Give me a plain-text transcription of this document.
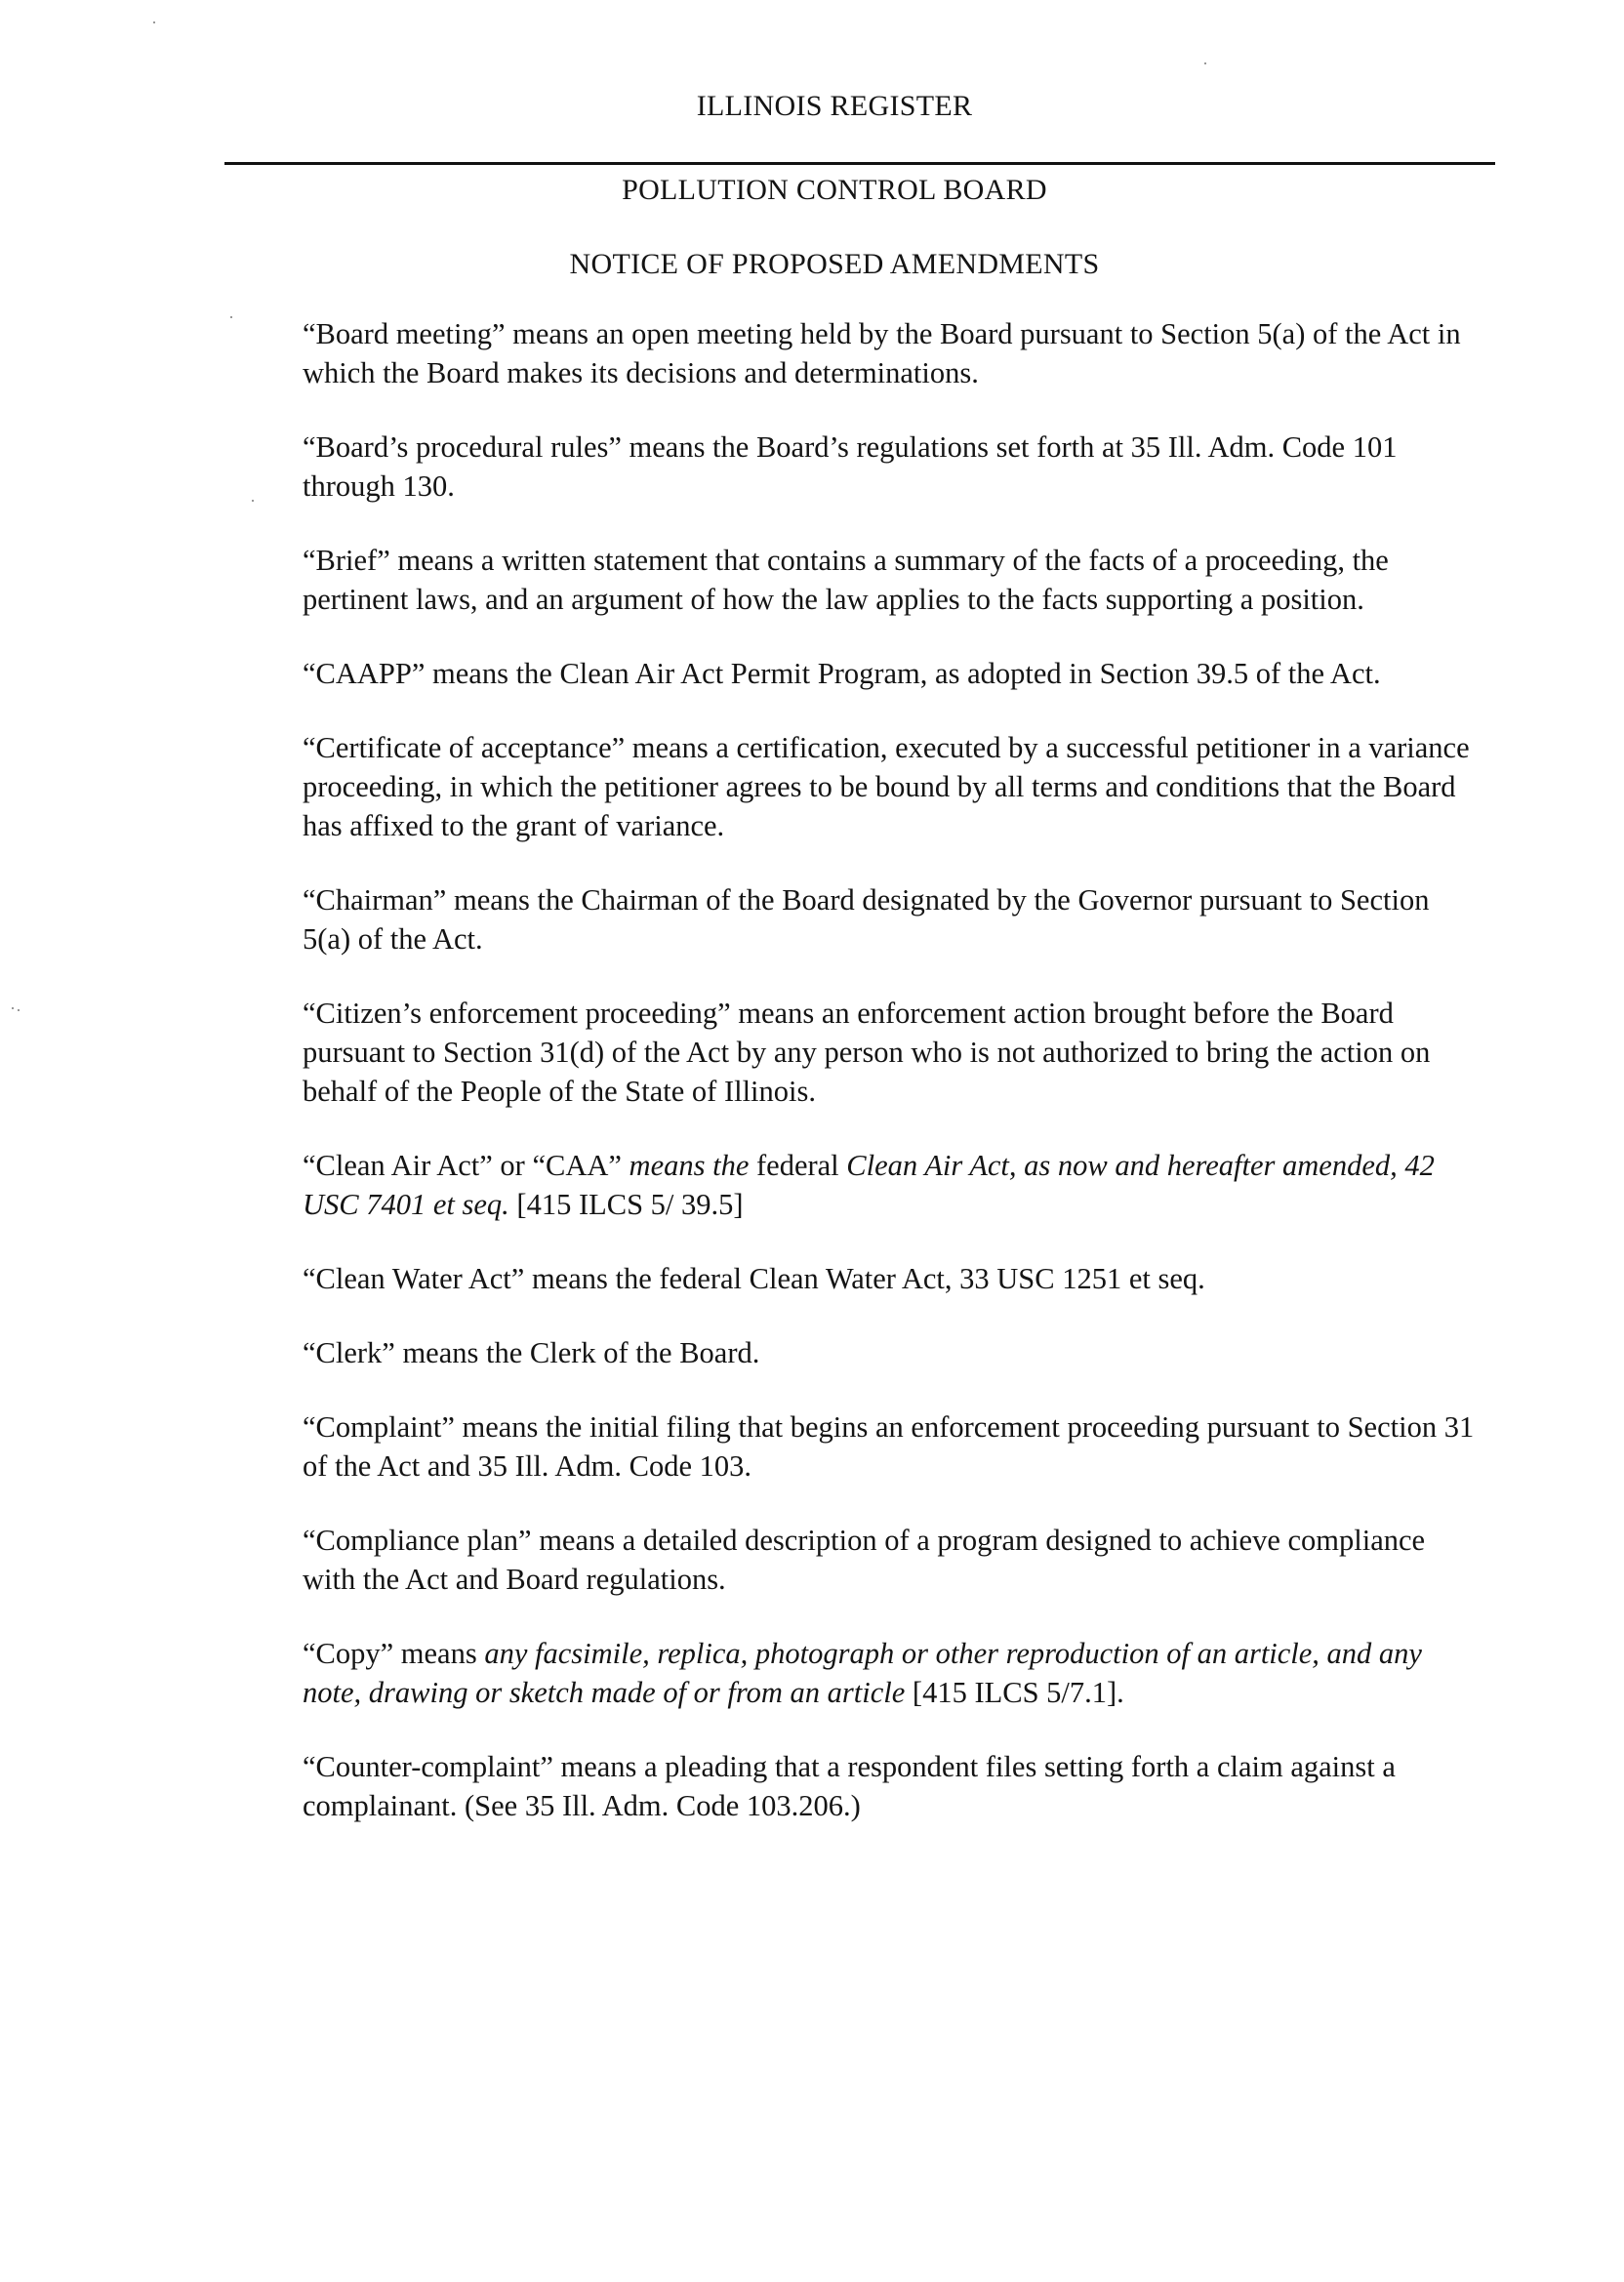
ILLINOIS REGISTER
POLLUTION CONTROL BOARD
NOTICE OF PROPOSED AMENDMENTS

“Board meeting” means an open meeting held by the Board pursuant to Section 5(a) of the Act in which the Board makes its decisions and determinations.

“Board’s procedural rules” means the Board’s regulations set forth at 35 Ill. Adm. Code 101 through 130.

“Brief” means a written statement that contains a summary of the facts of a proceeding, the pertinent laws, and an argument of how the law applies to the facts supporting a position.

“CAAPP” means the Clean Air Act Permit Program, as adopted in Section 39.5 of the Act.

“Certificate of acceptance” means a certification, executed by a successful petitioner in a variance proceeding, in which the petitioner agrees to be bound by all terms and conditions that the Board has affixed to the grant of variance.

“Chairman” means the Chairman of the Board designated by the Governor pursuant to Section 5(a) of the Act.

“Citizen’s enforcement proceeding” means an enforcement action brought before the Board pursuant to Section 31(d) of the Act by any person who is not authorized to bring the action on behalf of the People of the State of Illinois.

“Clean Air Act” or “CAA” means the federal Clean Air Act, as now and hereafter amended, 42 USC 7401 et seq. [415 ILCS 5/ 39.5]

“Clean Water Act” means the federal Clean Water Act, 33 USC 1251 et seq.

“Clerk” means the Clerk of the Board.

“Complaint” means the initial filing that begins an enforcement proceeding pursuant to Section 31 of the Act and 35 Ill. Adm. Code 103.

“Compliance plan” means a detailed description of a program designed to achieve compliance with the Act and Board regulations.

“Copy” means any facsimile, replica, photograph or other reproduction of an article, and any note, drawing or sketch made of or from an article [415 ILCS 5/7.1].

“Counter-complaint” means a pleading that a respondent files setting forth a claim against a complainant. (See 35 Ill. Adm. Code 103.206.)
